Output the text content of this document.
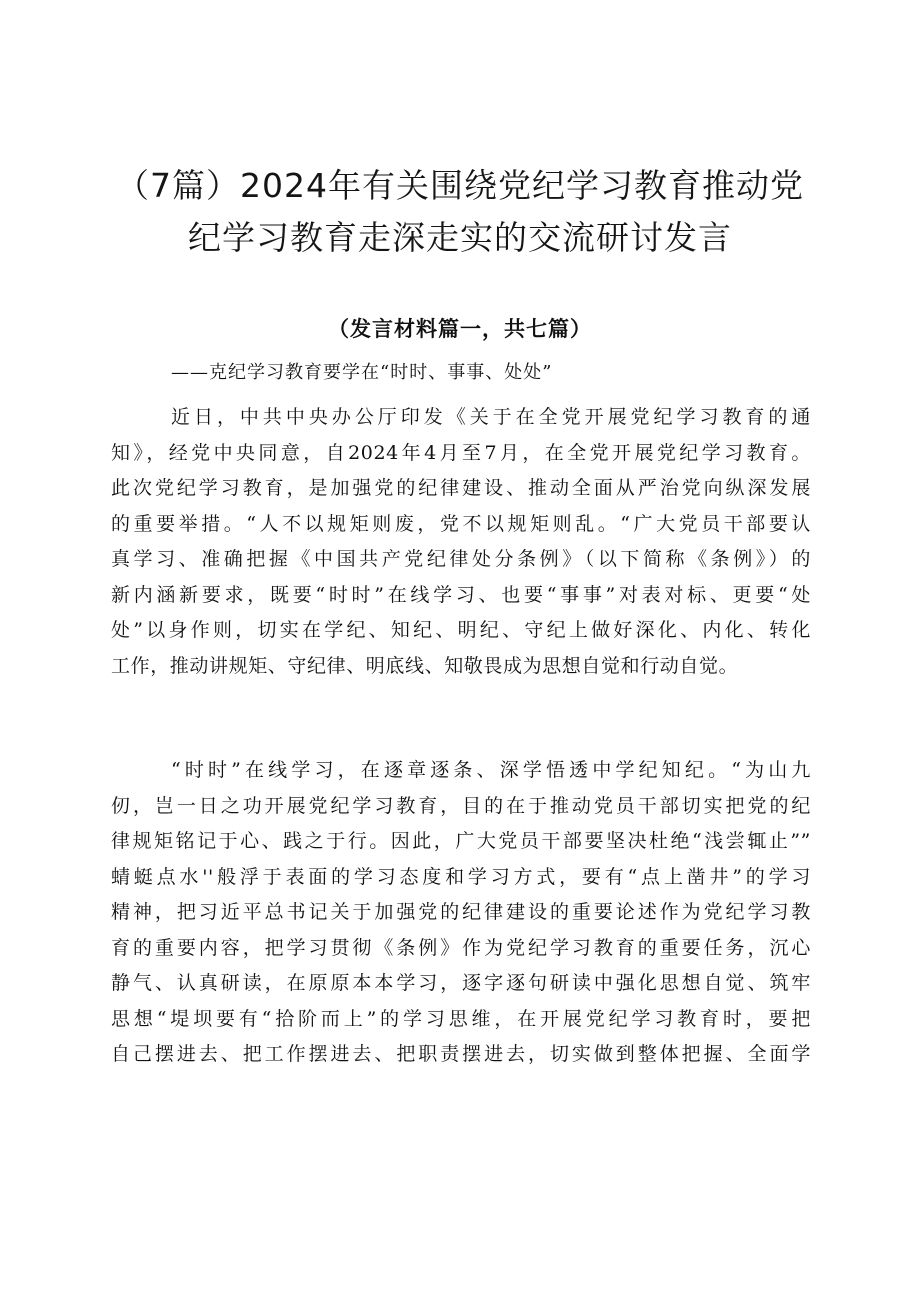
（7篇）2024年有关围绕党纪学习教育推动党
纪学习教育走深走实的交流研讨发言
（发言材料篇一，共七篇）
——克纪学习教育要学在“时时、事事、处处”
近日，中共中央办公厅印发《关于在全党开展党纪学习教育的通
知》，经党中央同意，自2024年4月至7月，在全党开展党纪学习教育。
此次党纪学习教育，是加强党的纪律建设、推动全面从严治党向纵深发展
的重要举措。“人不以规矩则废，党不以规矩则乱。“广大党员干部要认
真学习、准确把握《中国共产党纪律处分条例》（以下简称《条例》）的
新内涵新要求，既要“时时”在线学习、也要“事事”对表对标、更要“处
处”以身作则，切实在学纪、知纪、明纪、守纪上做好深化、内化、转化
工作，推动讲规矩、守纪律、明底线、知敬畏成为思想自觉和行动自觉。
“时时”在线学习，在逐章逐条、深学悟透中学纪知纪。“为山九
仞，岂一日之功开展党纪学习教育，目的在于推动党员干部切实把党的纪
律规矩铭记于心、践之于行。因此，广大党员干部要坚决杜绝“浅尝辄止””
蜻蜓点水''般浮于表面的学习态度和学习方式，要有“点上凿井”的学习
精神，把习近平总书记关于加强党的纪律建设的重要论述作为党纪学习教
育的重要内容，把学习贯彻《条例》作为党纪学习教育的重要任务，沉心
静气、认真研读，在原原本本学习，逐字逐句研读中强化思想自觉、筑牢
思想“堤坝要有“拾阶而上”的学习思维，在开展党纪学习教育时，要把
自己摆进去、把工作摆进去、把职责摆进去，切实做到整体把握、全面学
